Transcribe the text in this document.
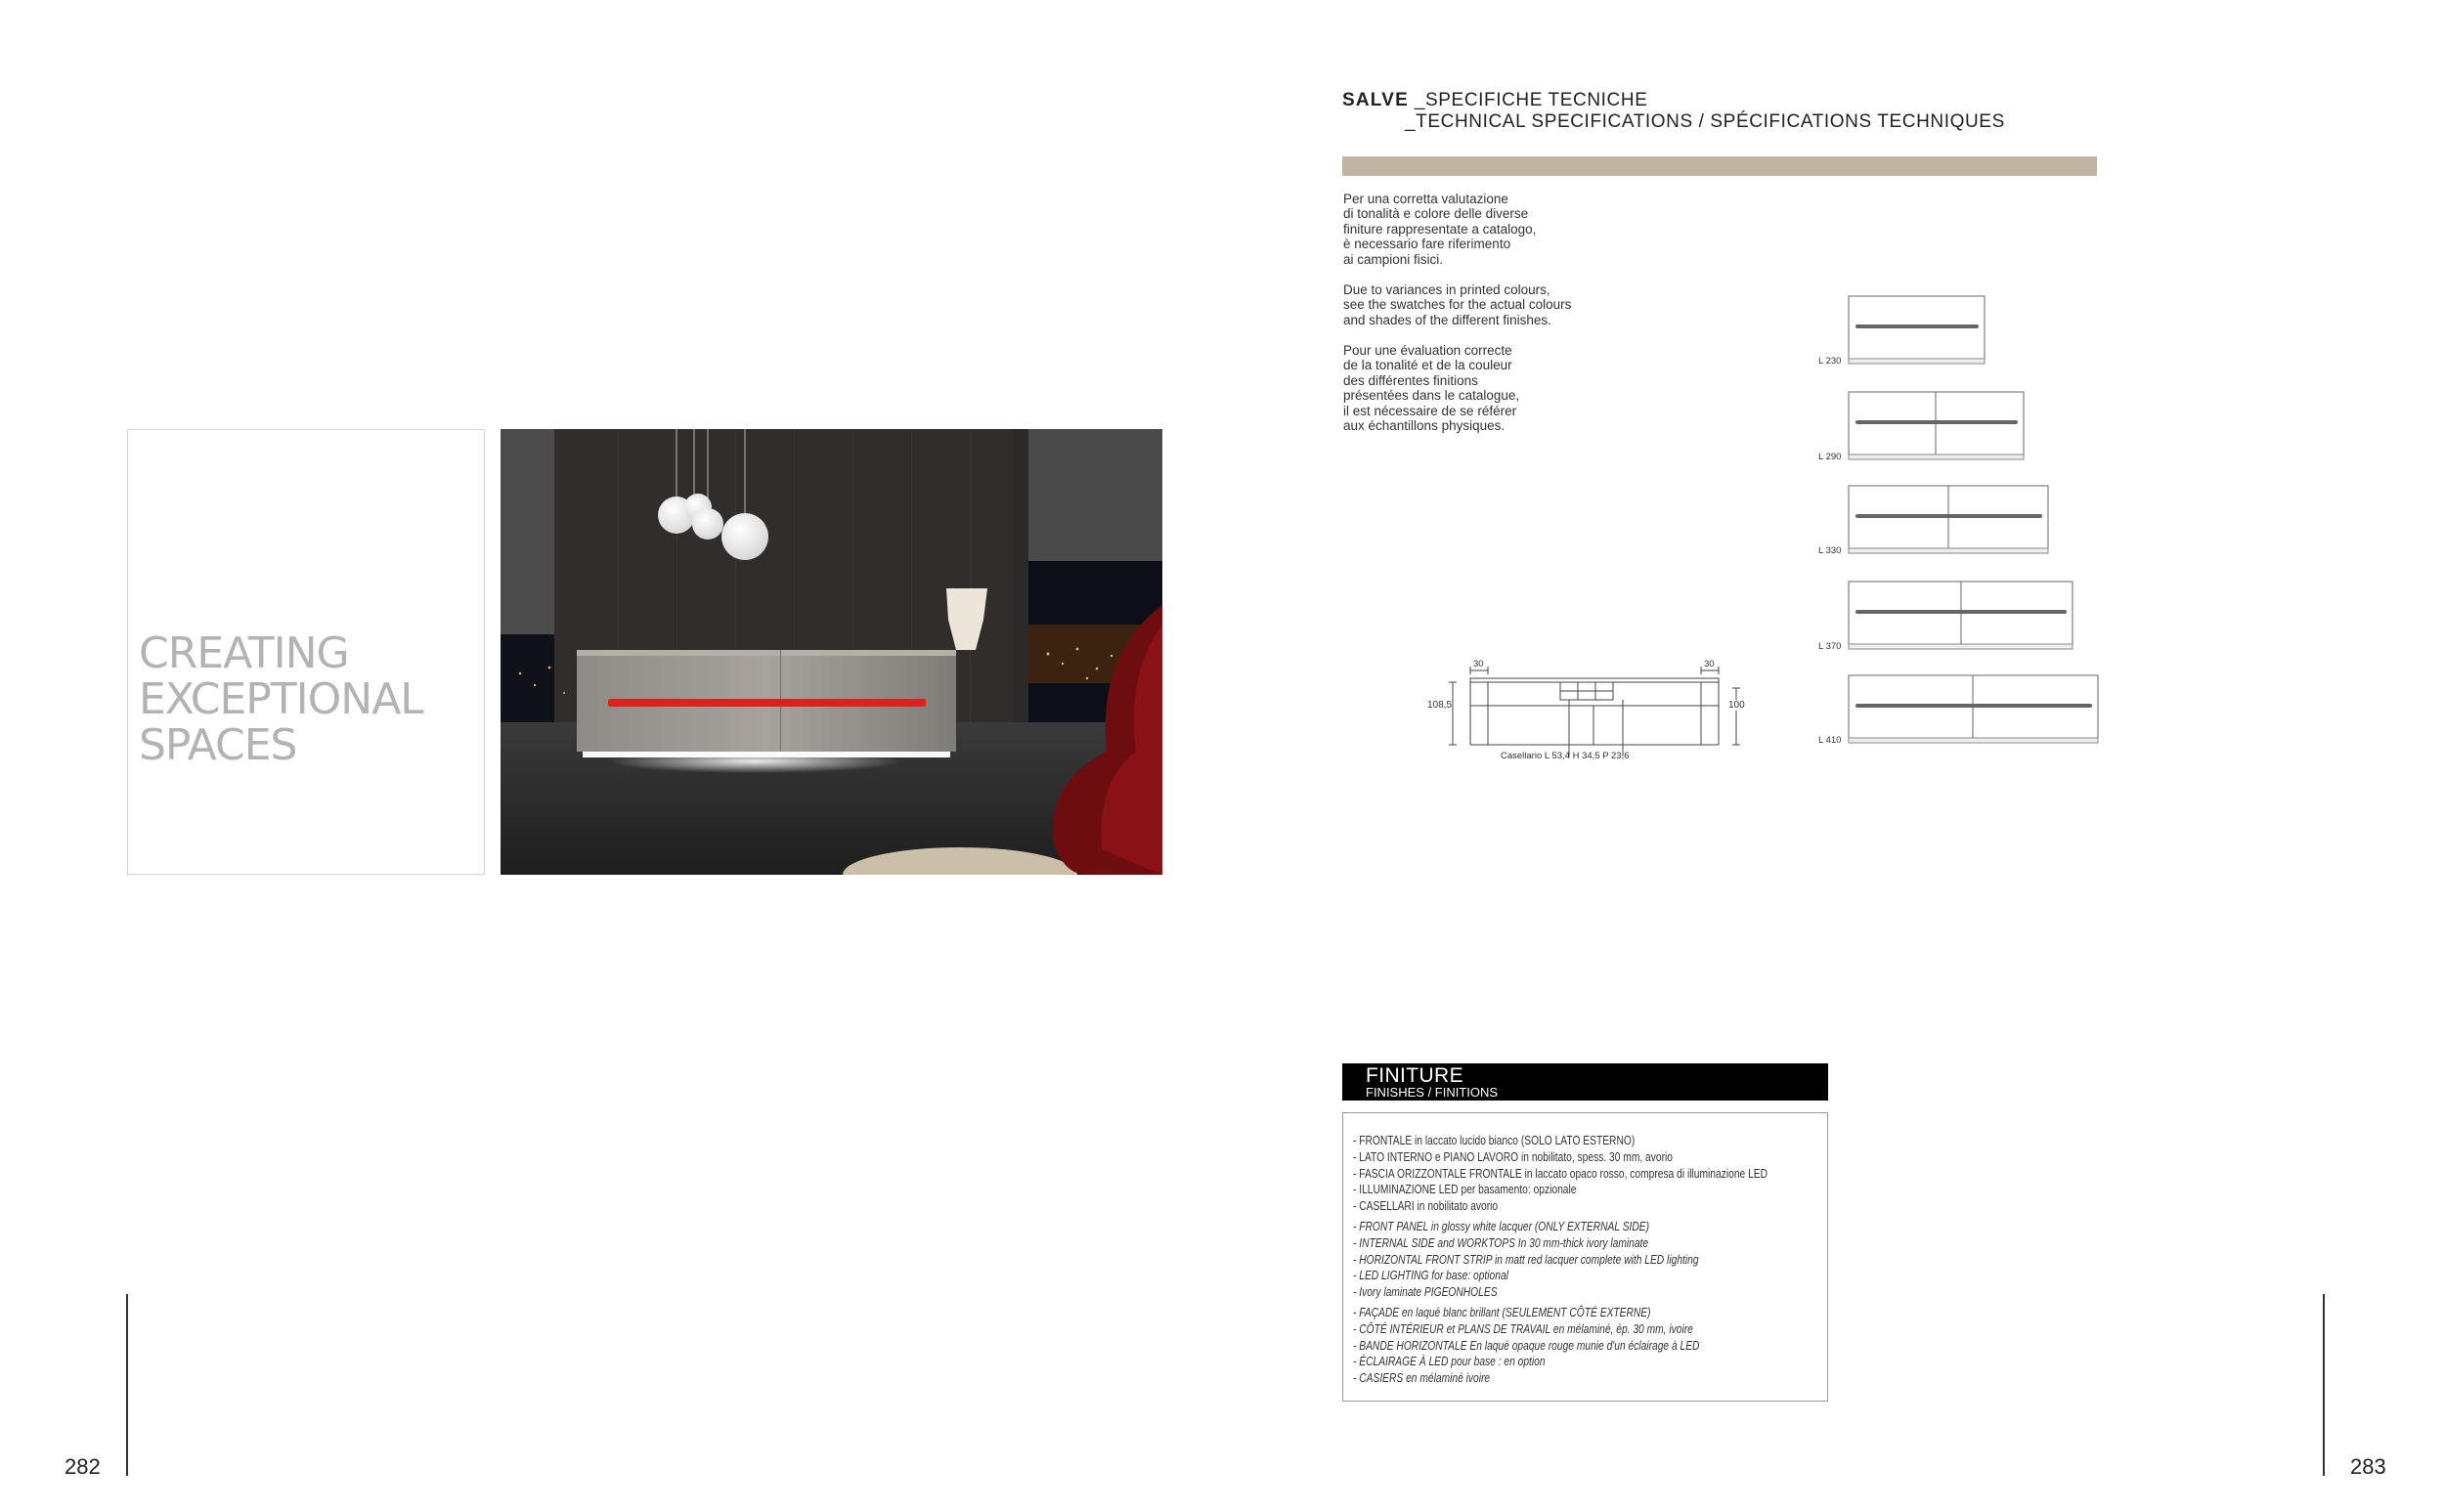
CREATING
EXCEPTIONAL
SPACES
282
SALVE _SPECIFICHE TECNICHE
_TECHNICAL SPECIFICATIONS / SPÉCIFICATIONS TECHNIQUES
Per una corretta valutazione
di tonalità e colore delle diverse
finiture rappresentate a catalogo,
è necessario fare riferimento
ai campioni fisici.
Due to variances in printed colours,
see the swatches for the actual colours
and shades of the different finishes.
Pour une évaluation correcte
de la tonalité et de la couleur
des différentes finitions
présentées dans le catalogue,
il est nécessaire de se référer
aux échantillons physiques.
30	30
108,5	100
Casellario L 53,4 H 34,5 P 23,6
L 230
L 290
L 330
L 370
L 410
FINITURE
FINISHES / FINITIONS
- FRONTALE in laccato lucido bianco (SOLO LATO ESTERNO)
- LATO INTERNO e PIANO LAVORO in nobilitato, spess. 30 mm, avorio
- FASCIA ORIZZONTALE FRONTALE in laccato opaco rosso, compresa di illuminazione LED
- ILLUMINAZIONE LED per basamento: opzionale
- CASELLARI in nobilitato avorio
- FRONT PANEL in glossy white lacquer (ONLY EXTERNAL SIDE)
- INTERNAL SIDE and WORKTOPS In 30 mm-thick ivory laminate
- HORIZONTAL FRONT STRIP in matt red lacquer complete with LED lighting
- LED LIGHTING for base: optional
- Ivory laminate PIGEONHOLES
- FAÇADE en laqué blanc brillant (SEULEMENT CÔTÉ EXTERNE)
- CÔTÉ INTÉRIEUR et PLANS DE TRAVAIL en mélaminé, ép. 30 mm, ivoire
- BANDE HORIZONTALE En laqué opaque rouge munie d'un éclairage à LED
- ÉCLAIRAGE À LED pour base : en option
- CASIERS en mélaminé ivoire
283
